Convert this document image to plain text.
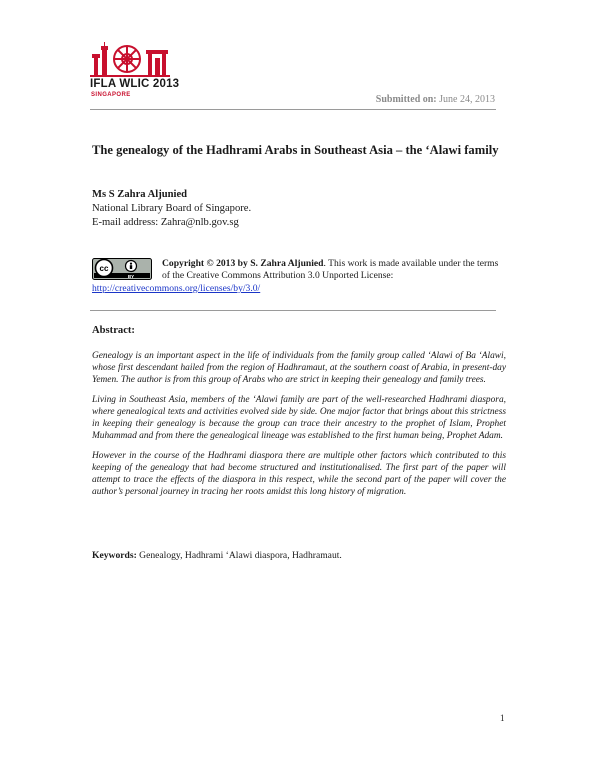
IFLA WLIC 2013
SINGAPORE	Submitted on: June 24, 2013
The genealogy of the Hadhrami Arabs in Southeast Asia – the ‘Alawi family
Ms S Zahra Aljunied
National Library Board of Singapore.
E-mail address: Zahra@nlb.gov.sg
cc
BY
Copyright © 2013 by S. Zahra Aljunied. This work is made available under the terms of the Creative Commons Attribution 3.0 Unported License:
http://creativecommons.org/licenses/by/3.0/
Abstract:

Genealogy is an important aspect in the life of individuals from the family group called ‘Alawi of Ba ‘Alawi, whose first descendant hailed from the region of Hadhramaut, at the southern coast of Arabia, in present-day Yemen. The author is from this group of Arabs who are strict in keeping their genealogy and family trees.

Living in Southeast Asia, members of the ‘Alawi family are part of the well-researched Hadhrami diaspora, where genealogical texts and activities evolved side by side. One major factor that brings about this strictness in keeping their genealogy is because the group can trace their ancestry to the prophet of Islam, Prophet Muhammad and from there the genealogical lineage was established to the first human being, Prophet Adam.

However in the course of the Hadhrami diaspora there are multiple other factors which contributed to this keeping of the genealogy that had become structured and institutionalised. The first part of the paper will attempt to trace the effects of the diaspora in this respect, while the second part of the paper will cover the author’s personal journey in tracing her roots amidst this long history of migration.

Keywords: Genealogy, Hadhrami ‘Alawi diaspora, Hadhramaut.
1
